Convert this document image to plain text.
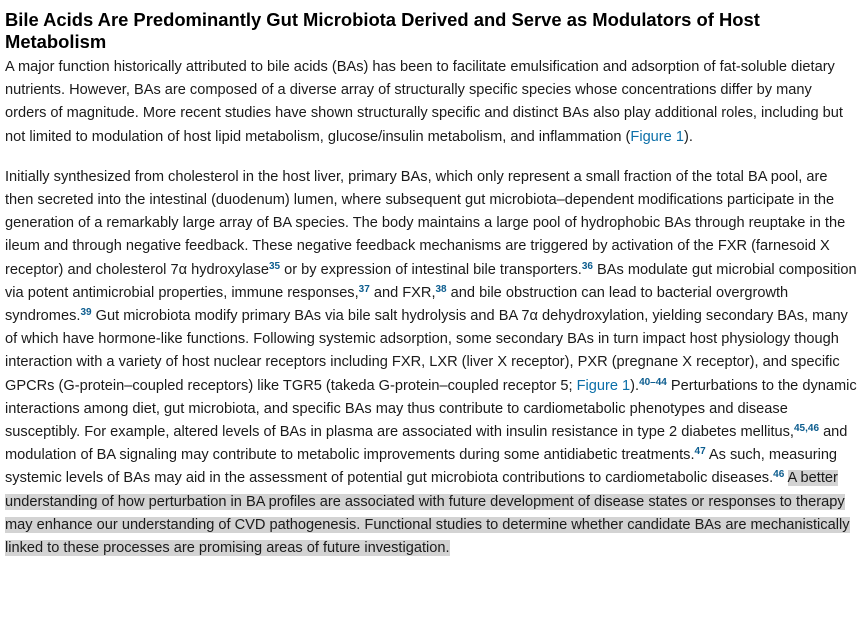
Bile Acids Are Predominantly Gut Microbiota Derived and Serve as Modulators of Host Metabolism

A major function historically attributed to bile acids (BAs) has been to facilitate emulsification and adsorption of fat-soluble dietary nutrients. However, BAs are composed of a diverse array of structurally specific species whose concentrations differ by many orders of magnitude. More recent studies have shown structurally specific and distinct BAs also play additional roles, including but not limited to modulation of host lipid metabolism, glucose/insulin metabolism, and inflammation (Figure 1).

Initially synthesized from cholesterol in the host liver, primary BAs, which only represent a small fraction of the total BA pool, are then secreted into the intestinal (duodenum) lumen, where subsequent gut microbiota–dependent modifications participate in the generation of a remarkably large array of BA species. The body maintains a large pool of hydrophobic BAs through reuptake in the ileum and through negative feedback. These negative feedback mechanisms are triggered by activation of the FXR (farnesoid X receptor) and cholesterol 7α hydroxylase$^{35}$ or by expression of intestinal bile transporters.$^{36}$ BAs modulate gut microbial composition via potent antimicrobial properties, immune responses,$^{37}$ and FXR,$^{38}$ and bile obstruction can lead to bacterial overgrowth syndromes.$^{39}$ Gut microbiota modify primary BAs via bile salt hydrolysis and BA 7α dehydroxylation, yielding secondary BAs, many of which have hormone-like functions. Following systemic adsorption, some secondary BAs in turn impact host physiology though interaction with a variety of host nuclear receptors including FXR, LXR (liver X receptor), PXR (pregnane X receptor), and specific GPCRs (G-protein–coupled receptors) like TGR5 (takeda G-protein–coupled receptor 5; Figure 1).$^{40-44}$ Perturbations to the dynamic interactions among diet, gut microbiota, and specific BAs may thus contribute to cardiometabolic phenotypes and disease susceptibly. For example, altered levels of BAs in plasma are associated with insulin resistance in type 2 diabetes mellitus,$^{45,46}$ and modulation of BA signaling may contribute to metabolic improvements during some antidiabetic treatments.$^{47}$ As such, measuring systemic levels of BAs may aid in the assessment of potential gut microbiota contributions to cardiometabolic diseases.$^{46}$ A better understanding of how perturbation in BA profiles are associated with future development of disease states or responses to therapy may enhance our understanding of CVD pathogenesis. Functional studies to determine whether candidate BAs are mechanistically linked to these processes are promising areas of future investigation.
